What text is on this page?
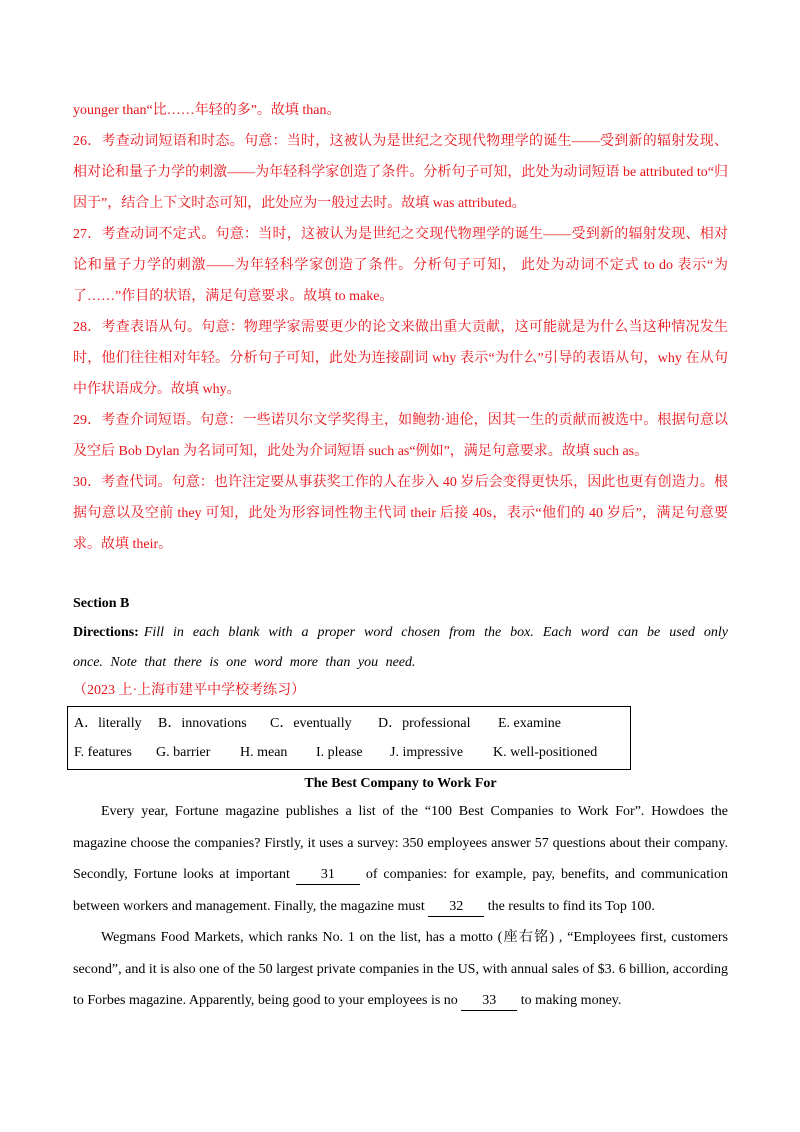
younger than“比……年轻的多”。故填 than。

26．考查动词短语和时态。句意：当时，这被认为是世纪之交现代物理学的诞生——受到新的辐射发现、相对论和量子力学的刺激——为年轻科学家创造了条件。分析句子可知，此处为动词短语 be attributed to“归因于”，结合上下文时态可知，此处应为一般过去时。故填 was attributed。

27．考查动词不定式。句意：当时，这被认为是世纪之交现代物理学的诞生——受到新的辐射发现、相对论和量子力学的刺激——为年轻科学家创造了条件。分析句子可知， 此处为动词不定式 to do 表示“为了……”作目的状语，满足句意要求。故填 to make。

28．考查表语从句。句意：物理学家需要更少的论文来做出重大贡献，这可能就是为什么当这种情况发生时，他们往往相对年轻。分析句子可知，此处为连接副词 why 表示“为什么”引导的表语从句，why 在从句中作状语成分。故填 why。

29．考查介词短语。句意：一些诺贝尔文学奖得主，如鲍勃·迪伦，因其一生的贡献而被选中。根据句意以及空后 Bob Dylan 为名词可知，此处为介词短语 such as“例如”，满足句意要求。故填 such as。

30．考查代词。句意：也许注定要从事获奖工作的人在步入 40 岁后会变得更快乐，因此也更有创造力。根据句意以及空前 they 可知，此处为形容词性物主代词 their 后接 40s，表示“他们的 40 岁后”，满足句意要求。故填 their。

Section B

Directions: Fill in each blank with a proper word chosen from the box. Each word can be used only once. Note that there is one word more than you need.

（2023 上·上海市建平中学校考练习）

A．literally B．innovations	C．eventually	D．professional	E. examine
F. features	G. barrier	H. mean	I. please	J. impressive	K. well-positioned

The Best Company to Work For

Every year, Fortune magazine publishes a list of the “100 Best Companies to Work For”. Howdoes the magazine choose the companies? Firstly, it uses a survey: 350 employees answer 57 questions about their company. Secondly, Fortune looks at important 31 of companies: for example, pay, benefits, and communication between workers and management. Finally, the magazine must 32 the results to find its Top 100.

Wegmans Food Markets, which ranks No. 1 on the list, has a motto (座右铭) , “Employees first, customers second”, and it is also one of the 50 largest private companies in the US, with annual sales of $3. 6 billion, according to Forbes magazine. Apparently, being good to your employees is no 33 to making money.
